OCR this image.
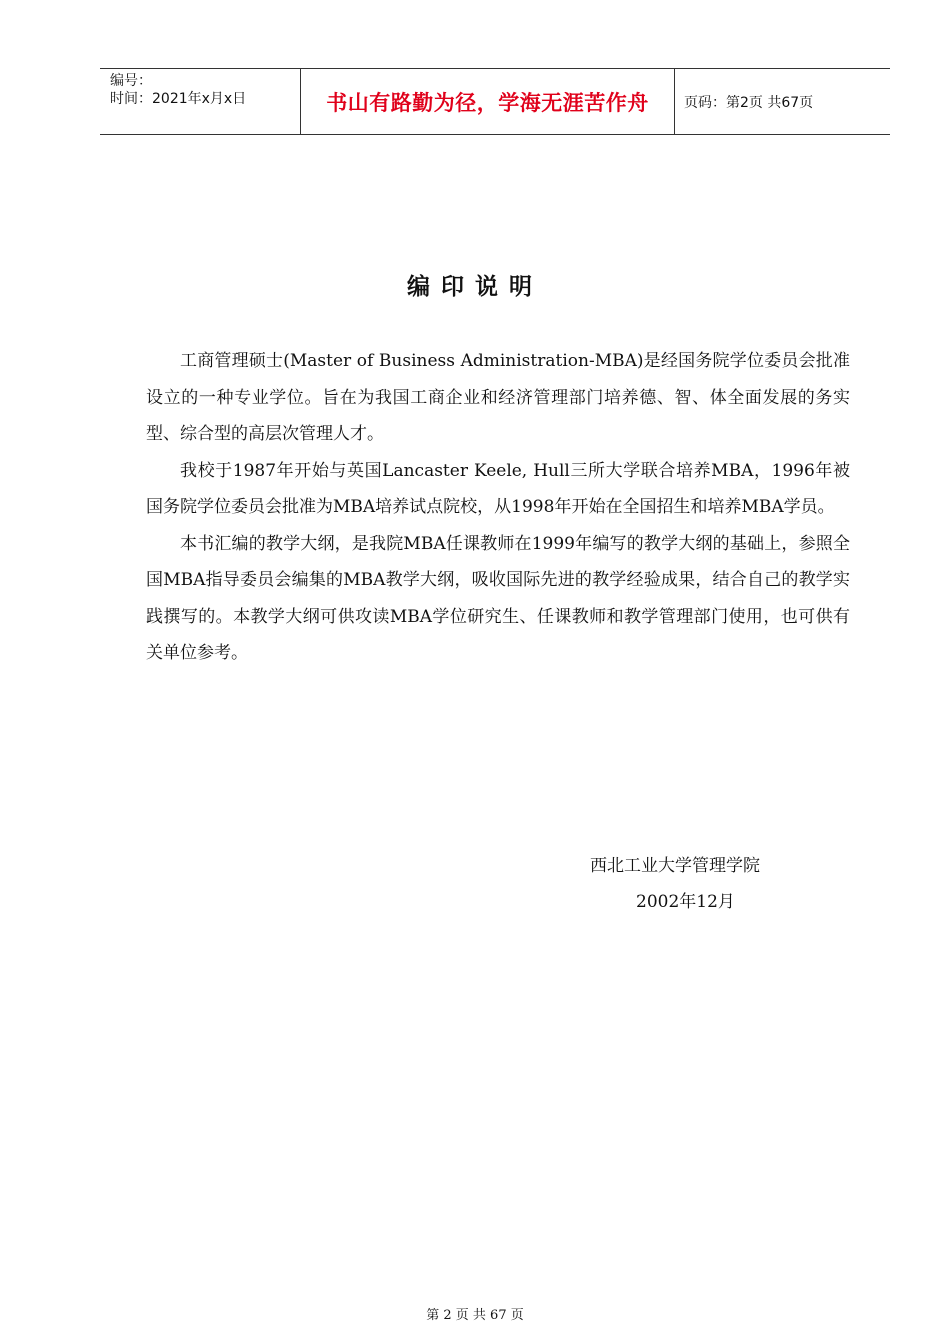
编号：
时间：2021年x月x日	书山有路勤为径，学海无涯苦作舟	页码：第2页 共67页
编印说明

工商管理硕士(Master of Business Administration-MBA)是经国务院学位委员会批准设立的一种专业学位。旨在为我国工商企业和经济管理部门培养德、智、体全面发展的务实型、综合型的高层次管理人才。

我校于1987年开始与英国Lancaster Keele, Hull三所大学联合培养MBA，1996年被国务院学位委员会批准为MBA培养试点院校，从1998年开始在全国招生和培养MBA学员。

本书汇编的教学大纲，是我院MBA任课教师在1999年编写的教学大纲的基础上，参照全国MBA指导委员会编集的MBA教学大纲，吸收国际先进的教学经验成果，结合自己的教学实践撰写的。本教学大纲可供攻读MBA学位研究生、任课教师和教学管理部门使用，也可供有关单位参考。

西北工业大学管理学院
2002年12月
第 2 页 共 67 页
